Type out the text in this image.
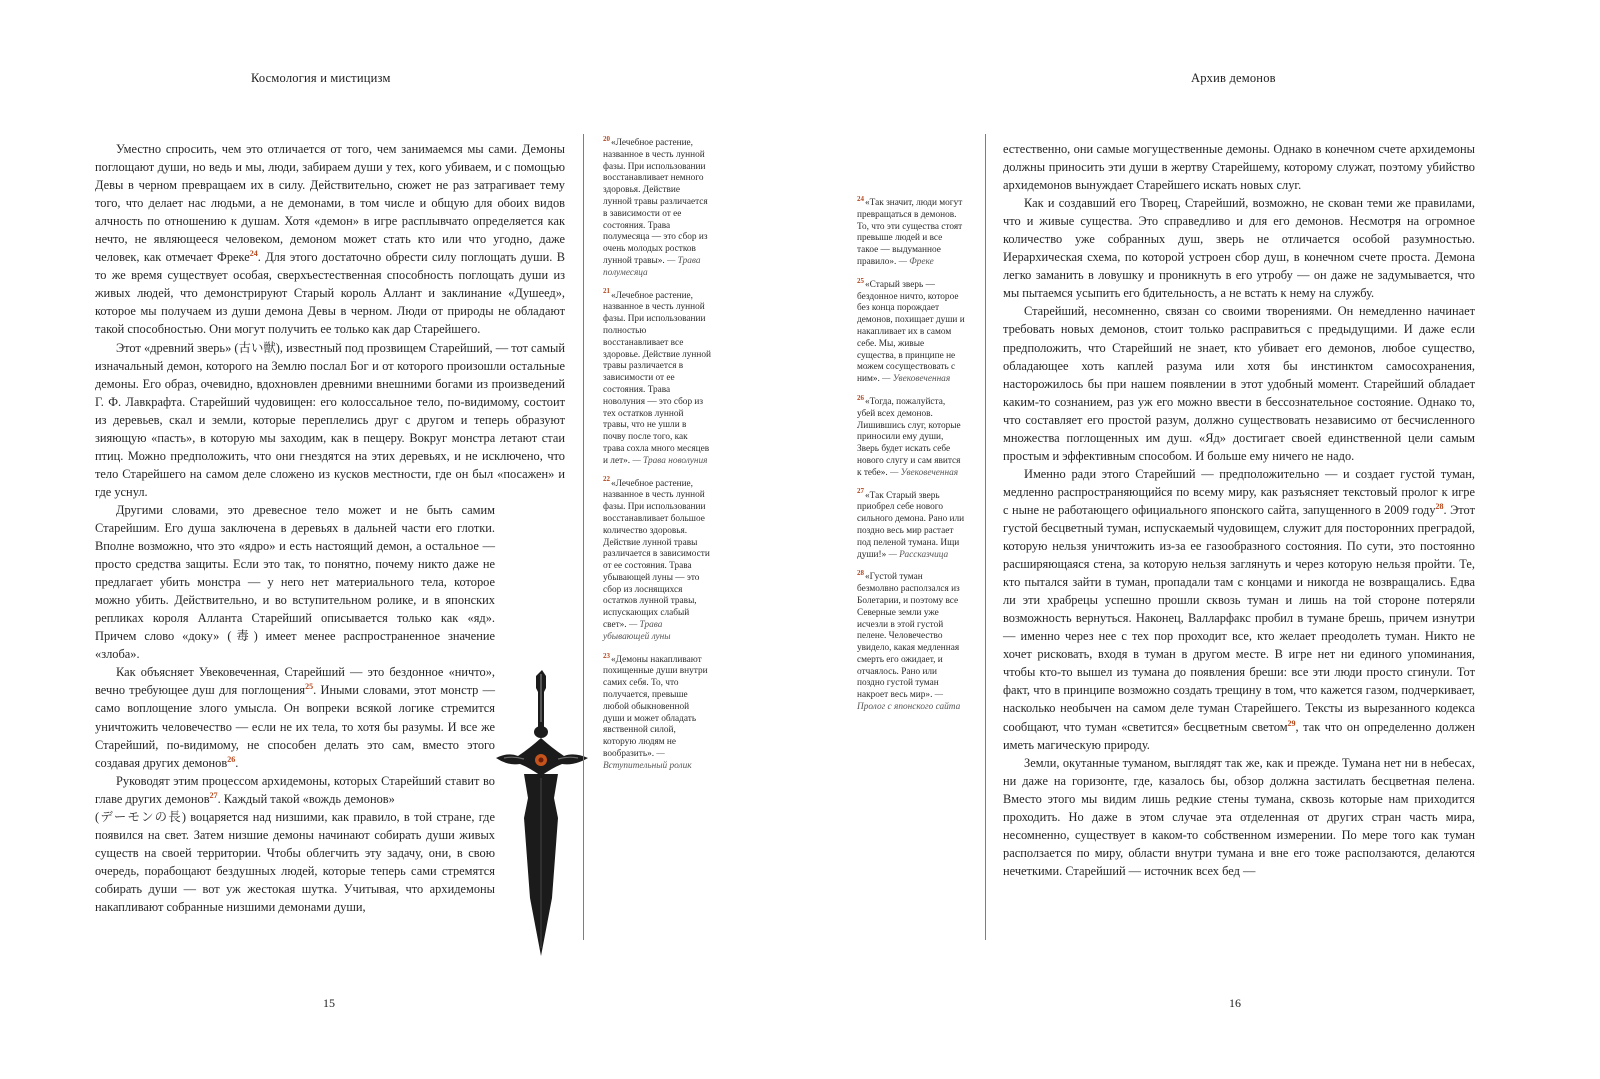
Космология и мистицизм

Уместно спросить, чем это отличается от того, чем занимаемся мы сами. Демоны поглощают души, но ведь и мы, люди, забираем души у тех, кого убиваем, и с помощью Девы в черном превращаем их в силу. Действительно, сюжет не раз затрагивает тему того, что делает нас людьми, а не демонами, в том числе и общую для обоих видов алчность по отношению к душам. Хотя «демон» в игре расплывчато определяется как нечто, не являющееся человеком, демоном может стать кто или что угодно, даже человек, как отмечает Фреке$^{24}$. Для этого достаточно обрести силу поглощать души. В то же время существует особая, сверхъестественная способность поглощать души из живых людей, что демонстрируют Старый король Аллант и заклинание «Душеед», которое мы получаем из души демона Девы в черном. Люди от природы не обладают такой способностью. Они могут получить ее только как дар Старейшего.

Этот «древний зверь» (古い獣), известный под прозвищем Старейший, — тот самый изначальный демон, которого на Землю послал Бог и от которого произошли остальные демоны. Его образ, очевидно, вдохновлен древними внешними богами из произведений Г. Ф. Лавкрафта. Старейший чудовищен: его колоссальное тело, по-видимому, состоит из деревьев, скал и земли, которые переплелись друг с другом и теперь образуют зияющую «пасть», в которую мы заходим, как в пещеру. Вокруг монстра летают стаи птиц. Можно предположить, что они гнездятся на этих деревьях, и не исключено, что тело Старейшего на самом деле сложено из кусков местности, где он был «посажен» и где уснул.

Другими словами, это древесное тело может и не быть самим Старейшим. Его душа заключена в деревьях в дальней части его глотки. Вполне возможно, что это «ядро» и есть настоящий демон, а остальное — просто средства защиты. Если это так, то понятно, почему никто даже не предлагает убить монстра — у него нет материального тела, которое можно убить. Действительно, и во вступительном ролике, и в японских репликах короля Алланта Старейший описывается только как «яд». Причем слово «доку» (毒) имеет менее распространенное значение «злоба».

Как объясняет Увековеченная, Старейший — это бездонное «ничто», вечно требующее душ для поглощения$^{25}$. Иными словами, этот монстр — само воплощение злого умысла. Он вопреки всякой логике стремится уничтожить человечество — если не их тела, то хотя бы разумы. И все же Старейший, по-видимому, не способен делать это сам, вместо этого создавая других демонов$^{26}$.

Руководят этим процессом архидемоны, которых Старейший ставит во главе других демонов$^{27}$. Каждый такой «вождь демонов»

(デーモンの長) воцаряется над низшими, как правило, в той стране, где появился на свет. Затем низшие демоны начинают собирать души живых существ на своей территории. Чтобы облегчить эту задачу, они, в свою очередь, порабощают бездушных людей, которые теперь сами стремятся собирать души — вот уж жестокая шутка. Учитывая, что архидемоны накапливают собранные низшими демонами души,

$^{20}$«Лечебное растение, названное в честь лунной фазы. При использовании восстанавливает немного здоровья. Действие лунной травы различается в зависимости от ее состояния. Трава полумесяца — это сбор из очень молодых ростков лунной травы». — Трава полумесяца
$^{21}$«Лечебное растение, названное в честь лунной фазы. При использовании полностью восстанавливает все здоровье. Действие лунной травы различается в зависимости от ее состояния. Трава новолуния — это сбор из тех остатков лунной травы, что не ушли в почву после того, как трава сохла много месяцев и лет». — Трава новолуния
$^{22}$«Лечебное растение, названное в честь лунной фазы. При использовании восстанавливает большое количество здоровья. Действие лунной травы различается в зависимости от ее состояния. Трава убывающей луны — это сбор из лоснящихся остатков лунной травы, испускающих слабый свет». — Трава убывающей луны
$^{23}$«Демоны накапливают похищенные души внутри самих себя. То, что получается, превыше любой обыкновенной души и может обладать явственной силой, которую людям не вообразить». — Вступительный ролик
15
$^{24}$«Так значит, люди могут превращаться в демонов. То, что эти существа стоят превыше людей и все такое — выдуманное правило». — Фреке
$^{25}$«Старый зверь — бездонное ничто, которое без конца порождает демонов, похищает души и накапливает их в самом себе. Мы, живые существа, в принципе не можем сосуществовать с ним». — Увековеченная
$^{26}$«Тогда, пожалуйста, убей всех демонов. Лишившись слуг, которые приносили ему души, Зверь будет искать себе нового слугу и сам явится к тебе». — Увековеченная
$^{27}$«Так Старый зверь приобрел себе нового сильного демона. Рано или поздно весь мир растает под пеленой тумана. Ищи души!» — Рассказчица
$^{28}$«Густой туман безмолвно расползался из Болетарии, и поэтому все Северные земли уже исчезли в этой густой пелене. Человечество увидело, какая медленная смерть его ожидает, и отчаялось. Рано или поздно густой туман накроет весь мир». — Пролог с японского сайта
Архив демонов

естественно, они самые могущественные демоны. Однако в конечном счете архидемоны должны приносить эти души в жертву Старейшему, которому служат, поэтому убийство архидемонов вынуждает Старейшего искать новых слуг.

Как и создавший его Творец, Старейший, возможно, не скован теми же правилами, что и живые существа. Это справедливо и для его демонов. Несмотря на огромное количество уже собранных душ, зверь не отличается особой разумностью. Иерархическая схема, по которой устроен сбор душ, в конечном счете проста. Демона легко заманить в ловушку и проникнуть в его утробу — он даже не задумывается, что мы пытаемся усыпить его бдительность, а не встать к нему на службу.

Старейший, несомненно, связан со своими творениями. Он немедленно начинает требовать новых демонов, стоит только расправиться с предыдущими. И даже если предположить, что Старейший не знает, кто убивает его демонов, любое существо, обладающее хоть каплей разума или хотя бы инстинктом самосохранения, насторожилось бы при нашем появлении в этот удобный момент. Старейший обладает каким-то сознанием, раз уж его можно ввести в бессознательное состояние. Однако то, что составляет его простой разум, должно существовать независимо от бесчисленного множества поглощенных им душ. «Яд» достигает своей единственной цели самым простым и эффективным способом. И больше ему ничего не надо.

Именно ради этого Старейший — предположительно — и создает густой туман, медленно распространяющийся по всему миру, как разъясняет текстовый пролог к игре с ныне не работающего официального японского сайта, запущенного в 2009 году$^{28}$. Этот густой бесцветный туман, испускаемый чудовищем, служит для посторонних преградой, которую нельзя уничтожить из-за ее газообразного состояния. По сути, это постоянно расширяющаяся стена, за которую нельзя заглянуть и через которую нельзя пройти. Те, кто пытался зайти в туман, пропадали там с концами и никогда не возвращались. Едва ли эти храбрецы успешно прошли сквозь туман и лишь на той стороне потеряли возможность вернуться. Наконец, Валларфакс пробил в тумане брешь, причем изнутри — именно через нее с тех пор проходит все, кто желает преодолеть туман. Никто не хочет рисковать, входя в туман в другом месте. В игре нет ни единого упоминания, чтобы кто-то вышел из тумана до появления бреши: все эти люди просто сгинули. Тот факт, что в принципе возможно создать трещину в том, что кажется газом, подчеркивает, насколько необычен на самом деле туман Старейшего. Тексты из вырезанного кодекса сообщают, что туман «светится» бесцветным светом$^{29}$, так что он определенно должен иметь магическую природу.

Земли, окутанные туманом, выглядят так же, как и прежде. Тумана нет ни в небесах, ни даже на горизонте, где, казалось бы, обзор должна застилать бесцветная пелена. Вместо этого мы видим лишь редкие стены тумана, сквозь которые нам приходится проходить. Но даже в этом случае эта отделенная от других стран часть мира, несомненно, существует в каком-то собственном измерении. По мере того как туман расползается по миру, области внутри тумана и вне его тоже расползаются, делаются нечеткими. Старейший — источник всех бед —

16
